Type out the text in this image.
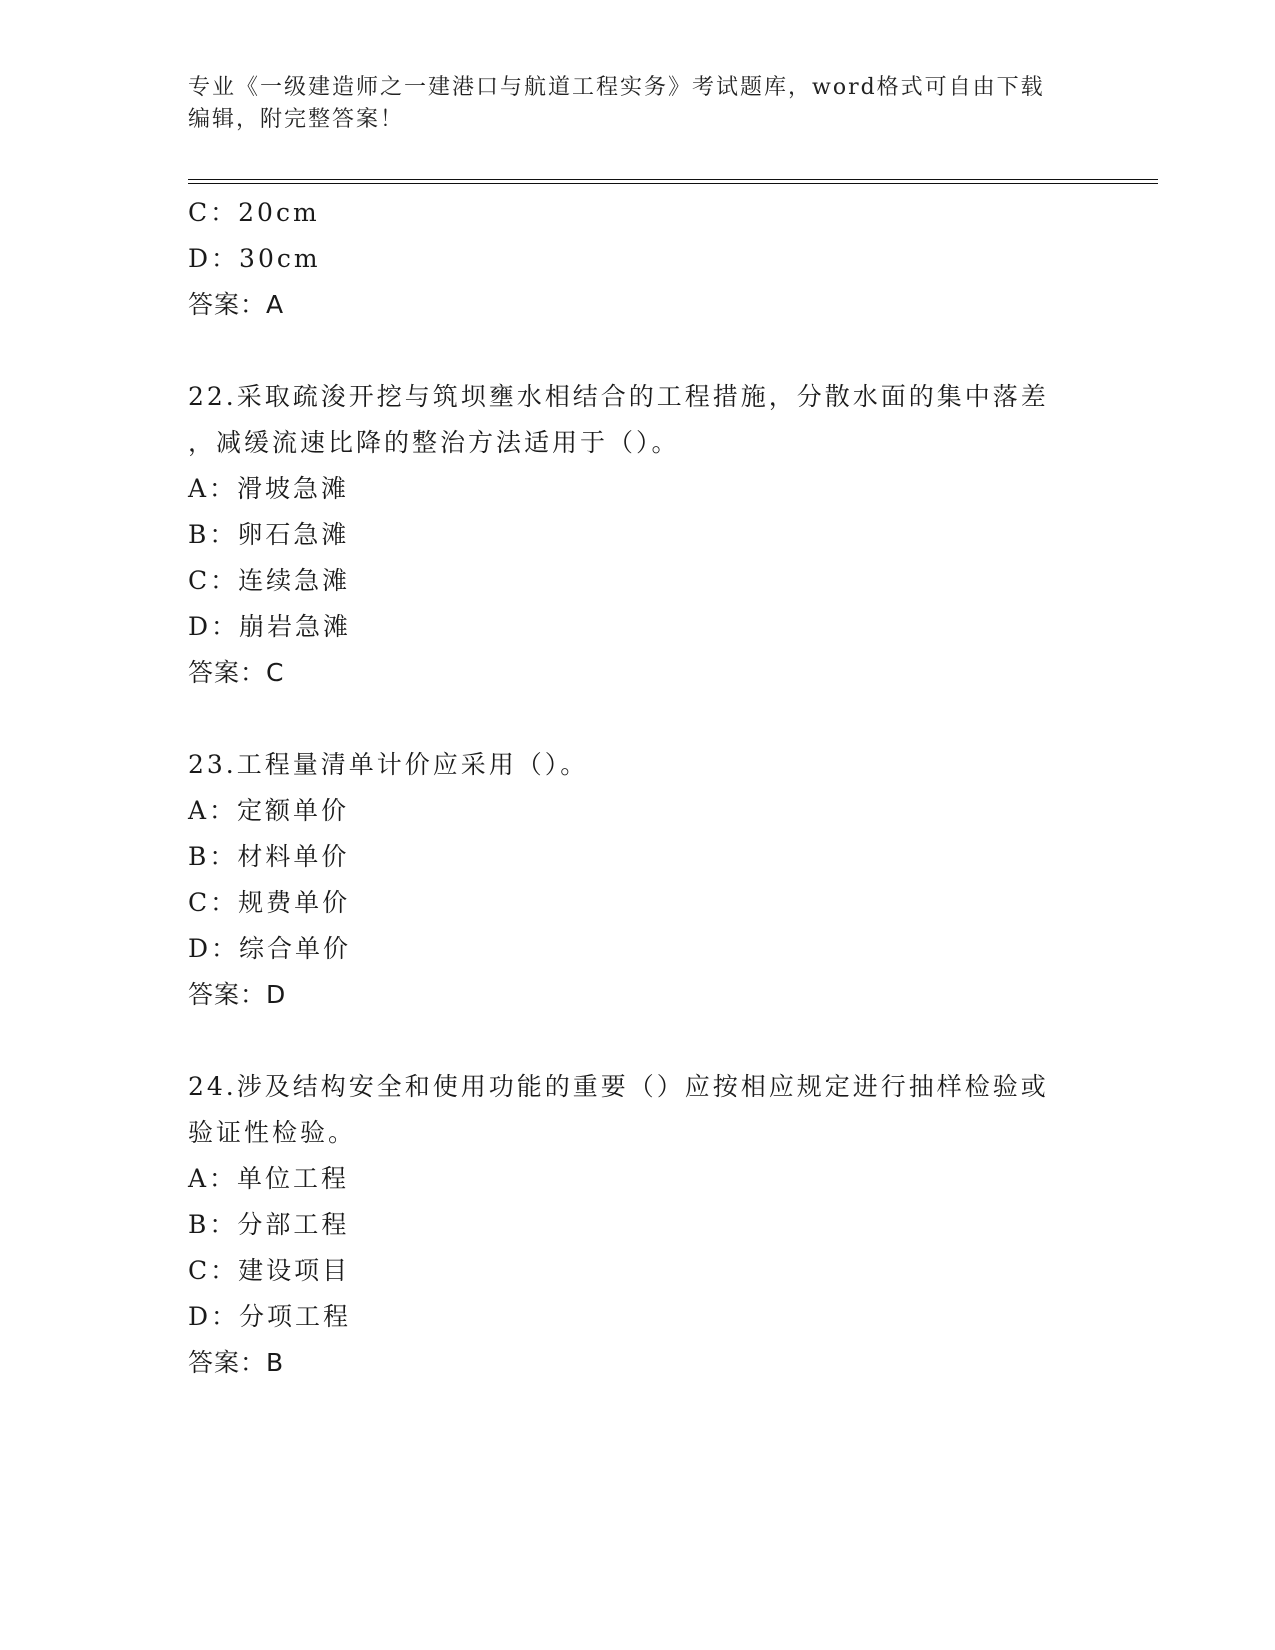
专业《一级建造师之一建港口与航道工程实务》考试题库，word格式可自由下载
编辑，附完整答案！
C：20cm
D：30cm
答案：A
22.采取疏浚开挖与筑坝壅水相结合的工程措施，分散水面的集中落差
，减缓流速比降的整治方法适用于（）。
A：滑坡急滩
B：卵石急滩
C：连续急滩
D：崩岩急滩
答案：C
23.工程量清单计价应采用（）。
A：定额单价
B：材料单价
C：规费单价
D：综合单价
答案：D
24.涉及结构安全和使用功能的重要（）应按相应规定进行抽样检验或
验证性检验。
A：单位工程
B：分部工程
C：建设项目
D：分项工程
答案：B
